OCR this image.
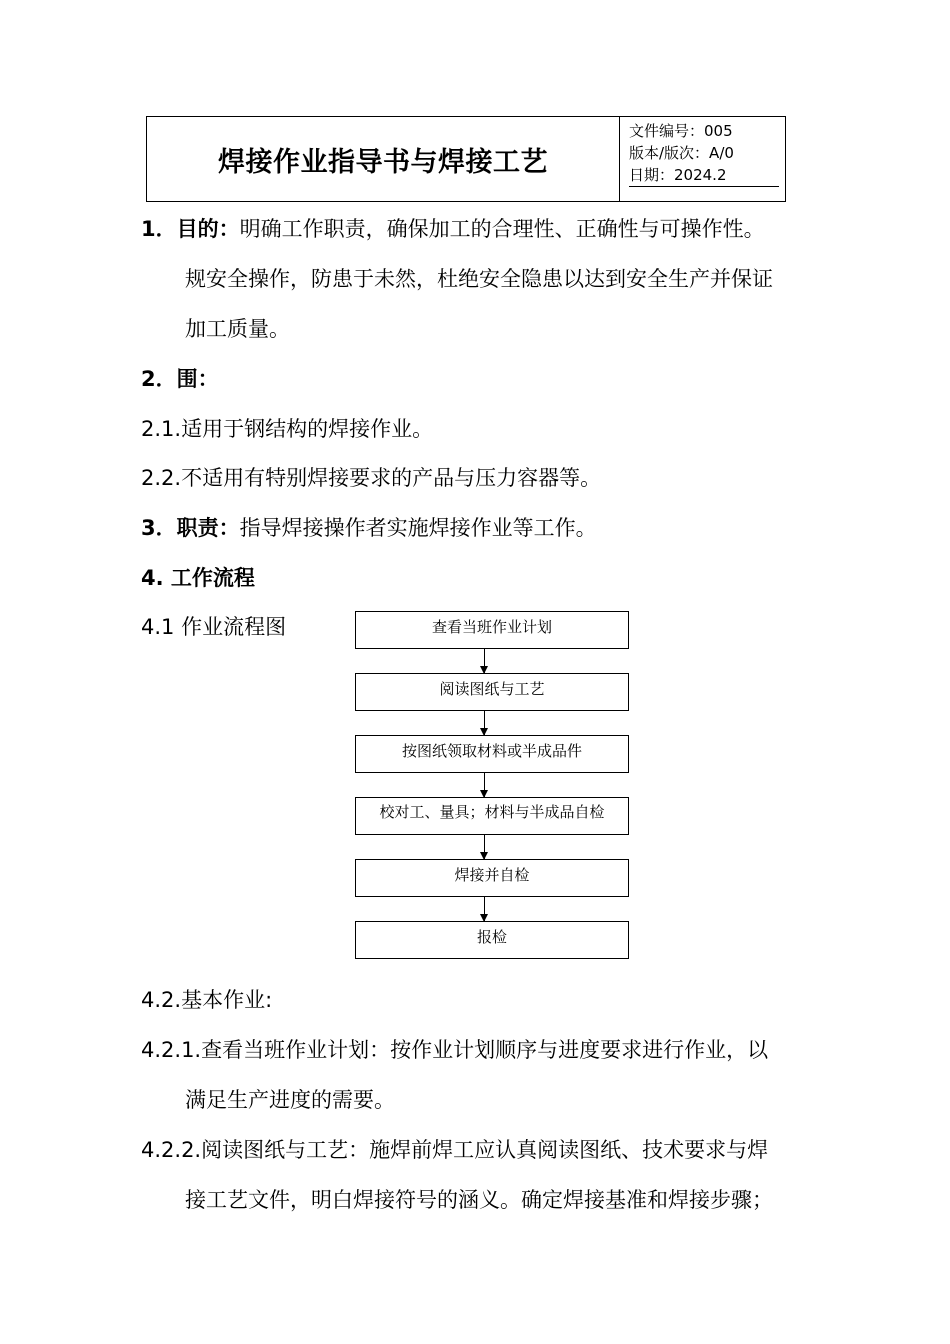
焊接作业指导书与焊接工艺
文件编号：005
版本/版次：A/0
日期：2024.2
1．目的：明确工作职责，确保加工的合理性、正确性与可操作性。
规安全操作，防患于未然，杜绝安全隐患以达到安全生产并保证
加工质量。
2．围：
2.1.适用于钢结构的焊接作业。
2.2.不适用有特别焊接要求的产品与压力容器等。
3．职责：指导焊接操作者实施焊接作业等工作。
4. 工作流程
4.1 作业流程图	查看当班作业计划
阅读图纸与工艺
按图纸领取材料或半成品件
校对工、量具；材料与半成品自检
焊接并自检
报检
4.2.基本作业:
4.2.1.查看当班作业计划：按作业计划顺序与进度要求进行作业，以
满足生产进度的需要。
4.2.2.阅读图纸与工艺：施焊前焊工应认真阅读图纸、技术要求与焊
接工艺文件，明白焊接符号的涵义。确定焊接基准和焊接步骤；
